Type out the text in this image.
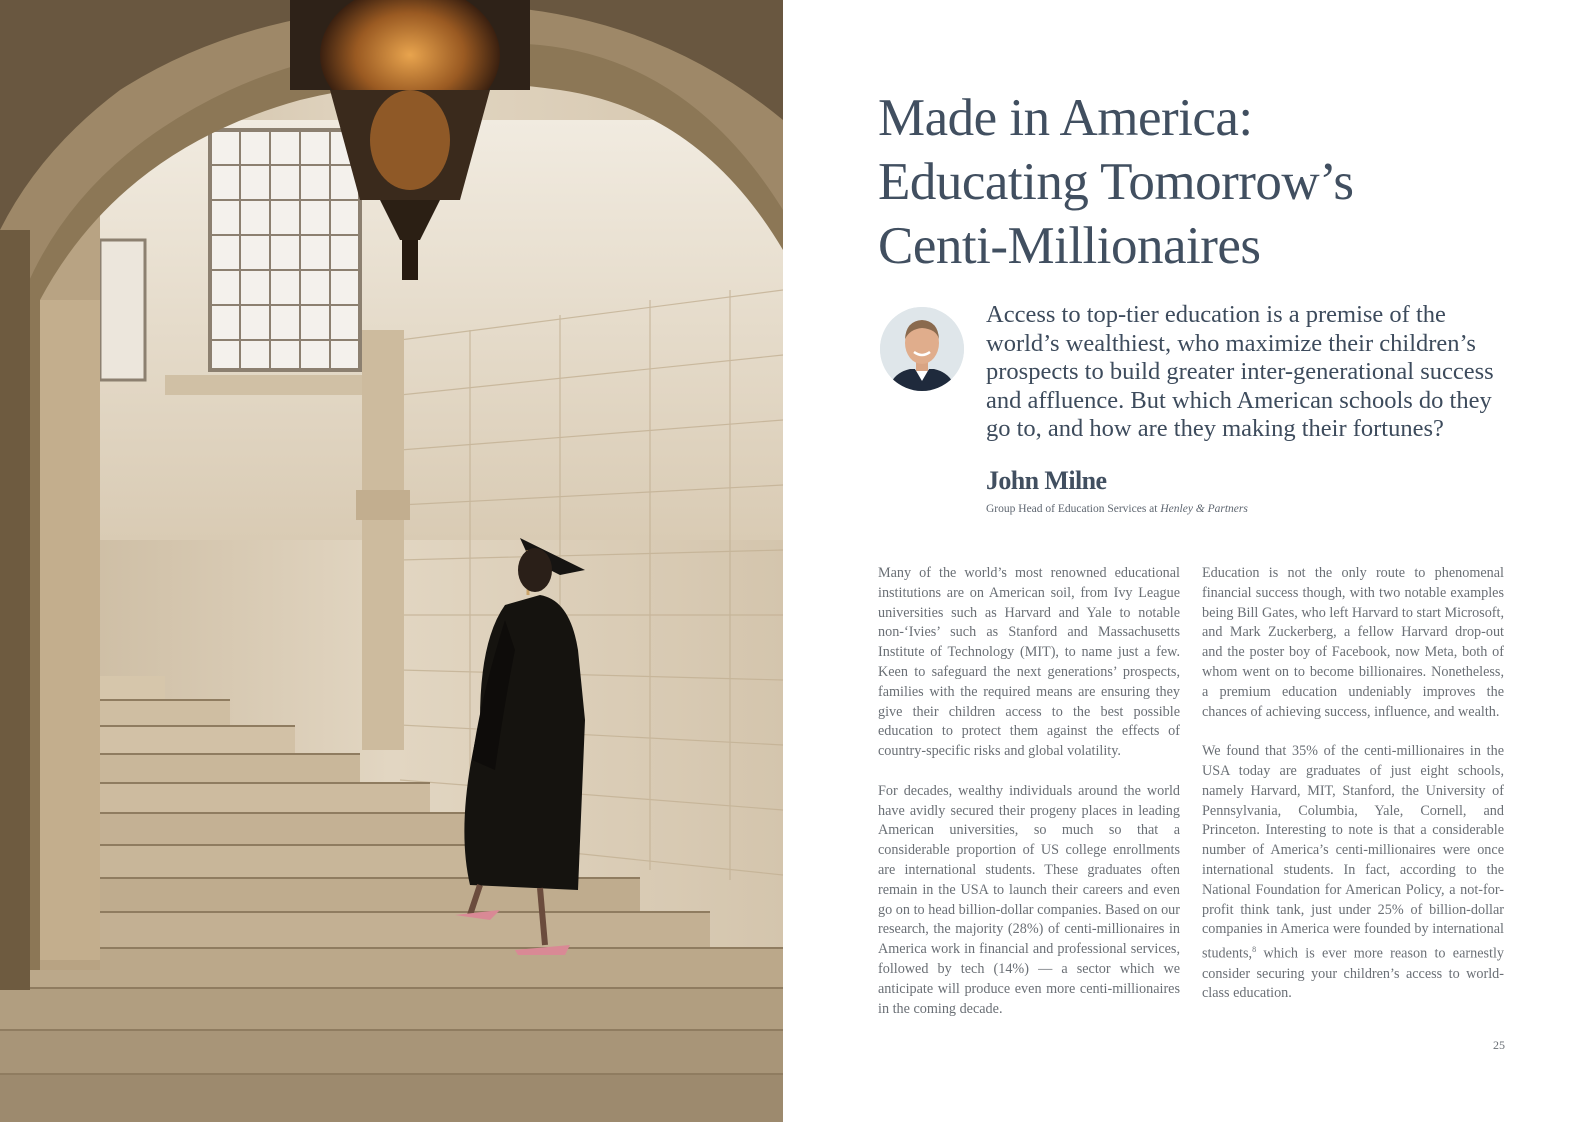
Made in America:
Educating Tomorrow’s
Centi-Millionaires

Access to top-tier education is a premise of the
world’s wealthiest, who maximize their children’s
prospects to build greater inter-generational success
and affluence. But which American schools do they
go to, and how are they making their fortunes?

John Milne

Group Head of Education Services at Henley & Partners

Many of the world’s most renowned educational institutions are on American soil, from Ivy League universities such as Harvard and Yale to notable non-‘Ivies’ such as Stanford and Massachusetts Institute of Technology (MIT), to name just a few. Keen to safeguard the next generations’ prospects, families with the required means are ensuring they give their children access to the best possible education to protect them against the effects of country-specific risks and global volatility.

For decades, wealthy individuals around the world have avidly secured their progeny places in leading American universities, so much so that a considerable proportion of US college enrollments are international students. These graduates often remain in the USA to launch their careers and even go on to head billion-dollar companies. Based on our research, the majority (28%) of centi-millionaires in America work in financial and professional services, followed by tech (14%) — a sector which we anticipate will produce even more centi-millionaires in the coming decade.

Education is not the only route to phenomenal financial success though, with two notable examples being Bill Gates, who left Harvard to start Microsoft, and Mark Zuckerberg, a fellow Harvard drop-out and the poster boy of Facebook, now Meta, both of whom went on to become billionaires. Nonetheless, a premium education undeniably improves the chances of achieving success, influence, and wealth.

We found that 35% of the centi-millionaires in the USA today are graduates of just eight schools, namely Harvard, MIT, Stanford, the University of Pennsylvania, Columbia, Yale, Cornell, and Princeton. Interesting to note is that a considerable number of America’s centi-millionaires were once international students. In fact, according to the National Foundation for American Policy, a not-for-profit think tank, just under 25% of billion-dollar companies in America were founded by international students,$^8$ which is ever more reason to earnestly consider securing your children’s access to world-class education.

25
